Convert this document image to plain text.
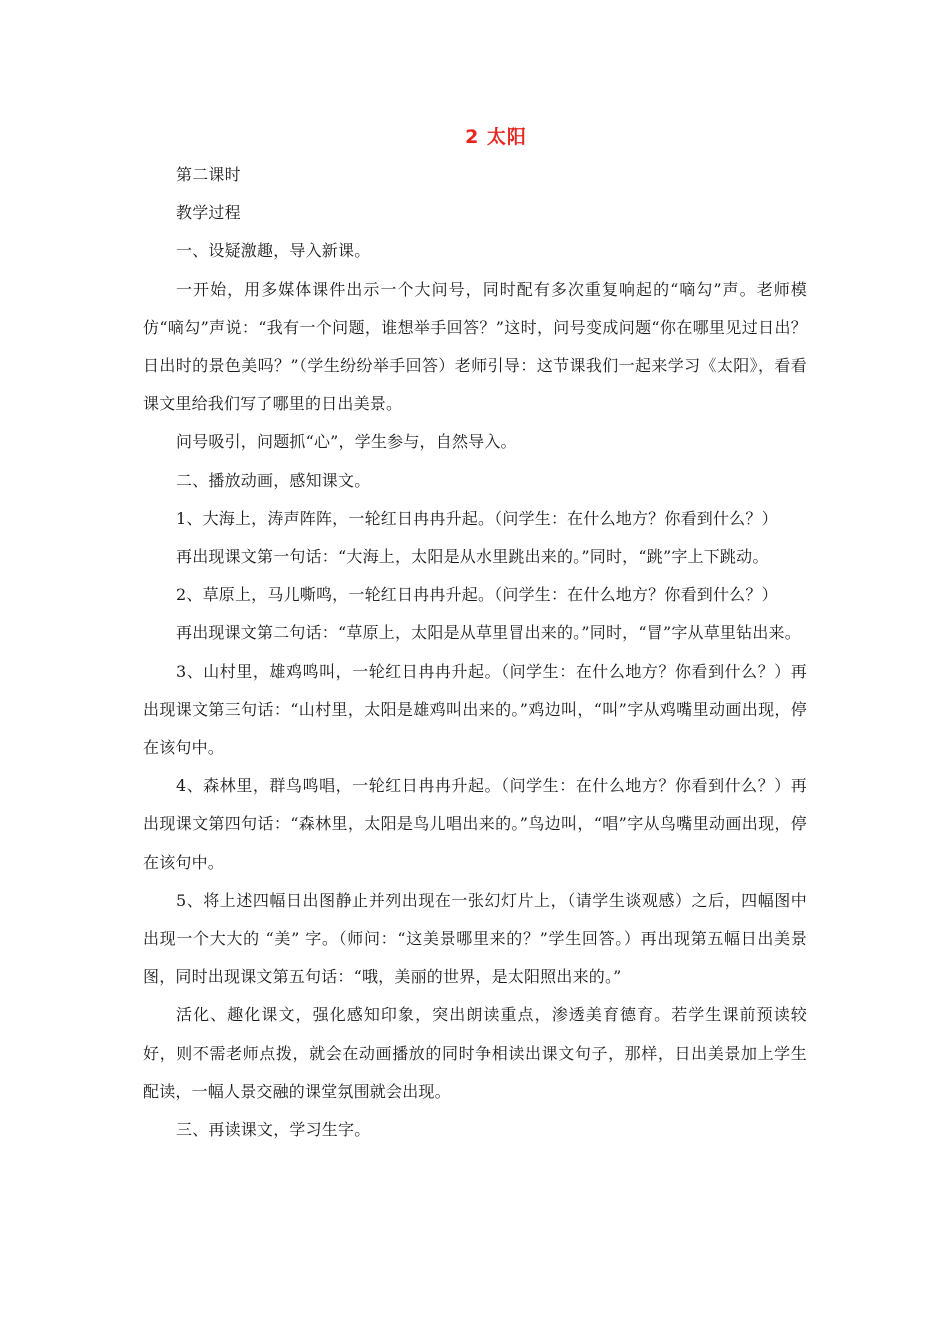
2 太阳

第二课时

教学过程

一、设疑激趣，导入新课。

一开始，用多媒体课件出示一个大问号，同时配有多次重复响起的“嘀勾”声。老师模仿“嘀勾”声说：“我有一个问题，谁想举手回答？”这时，问号变成问题“你在哪里见过日出？日出时的景色美吗？”（学生纷纷举手回答）老师引导：这节课我们一起来学习《太阳》，看看课文里给我们写了哪里的日出美景。

问号吸引，问题抓“心”，学生参与，自然导入。

二、播放动画，感知课文。

1、大海上，涛声阵阵，一轮红日冉冉升起。（问学生：在什么地方？你看到什么？）

再出现课文第一句话：“大海上，太阳是从水里跳出来的。”同时，“跳”字上下跳动。

2、草原上，马儿嘶鸣，一轮红日冉冉升起。（问学生：在什么地方？你看到什么？）

再出现课文第二句话：“草原上，太阳是从草里冒出来的。”同时，“冒”字从草里钻出来。

3、山村里，雄鸡鸣叫，一轮红日冉冉升起。（问学生：在什么地方？你看到什么？）再出现课文第三句话：“山村里，太阳是雄鸡叫出来的。”鸡边叫，“叫”字从鸡嘴里动画出现，停在该句中。

4、森林里，群鸟鸣唱，一轮红日冉冉升起。（问学生：在什么地方？你看到什么？）再出现课文第四句话：“森林里，太阳是鸟儿唱出来的。”鸟边叫，“唱”字从鸟嘴里动画出现，停在该句中。

5、将上述四幅日出图静止并列出现在一张幻灯片上，（请学生谈观感）之后，四幅图中出现一个大大的 “美” 字。（师问：“这美景哪里来的？”学生回答。）再出现第五幅日出美景图，同时出现课文第五句话：“哦，美丽的世界，是太阳照出来的。”

活化、趣化课文，强化感知印象，突出朗读重点，渗透美育德育。若学生课前预读较好，则不需老师点拨，就会在动画播放的同时争相读出课文句子，那样，日出美景加上学生配读，一幅人景交融的课堂氛围就会出现。

三、再读课文，学习生字。
